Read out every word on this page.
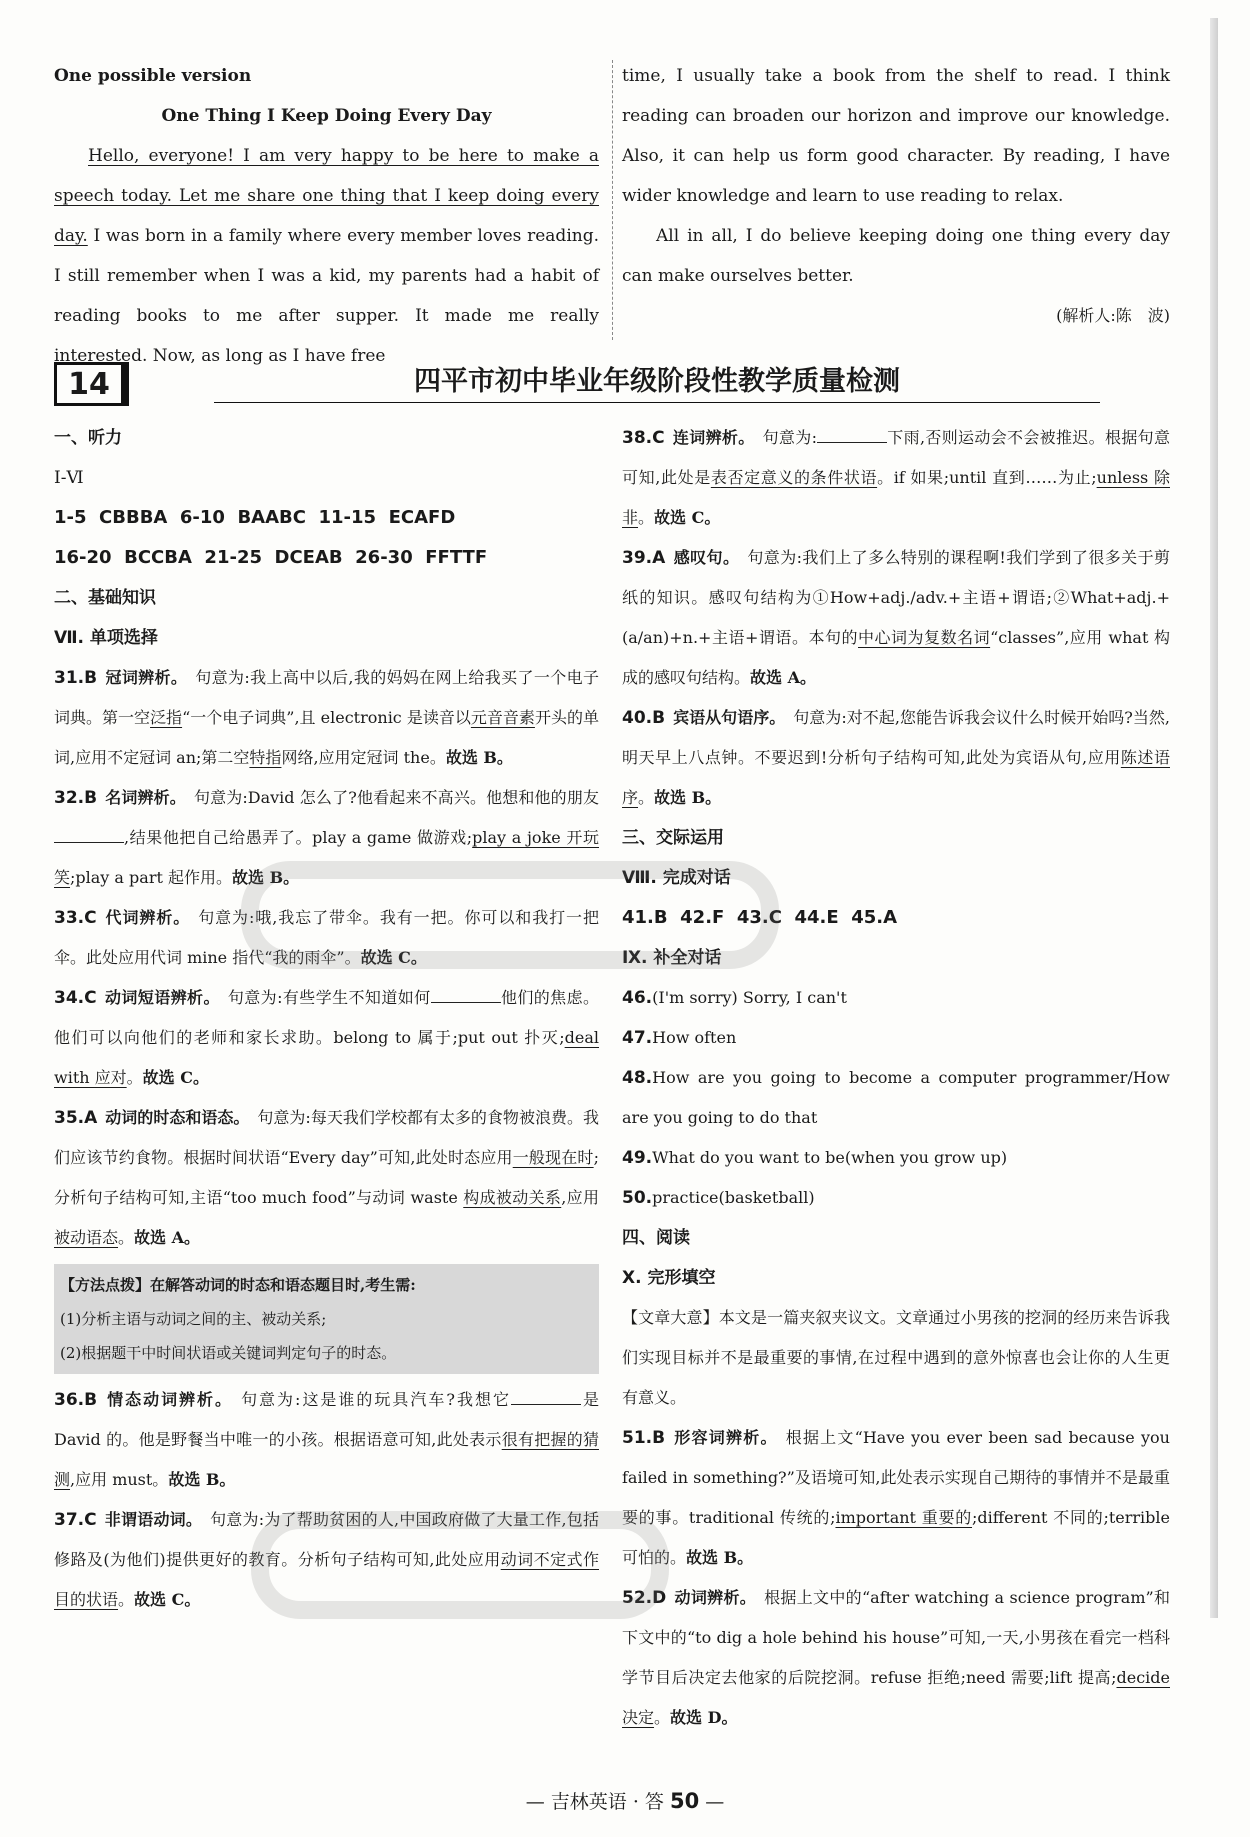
One possible version

One Thing I Keep Doing Every Day

Hello, everyone! I am very happy to be here to make a speech today. Let me share one thing that I keep doing every day. I was born in a family where every member loves reading. I still remember when I was a kid, my parents had a habit of reading books to me after supper. It made me really interested. Now, as long as I have free

time, I usually take a book from the shelf to read. I think reading can broaden our horizon and improve our knowledge. Also, it can help us form good character. By reading, I have wider knowledge and learn to use reading to relax.

All in all, I do believe keeping doing one thing every day can make ourselves better.

(解析人:陈　波)

14	四平市初中毕业年级阶段性教学质量检测

一、听力

Ⅰ-Ⅵ

1-5  CBBBA  6-10  BAABC  11-15  ECAFD

16-20  BCCBA  21-25  DCEAB  26-30  FFTTF

二、基础知识

Ⅶ. 单项选择

31.B 冠词辨析。 句意为:我上高中以后,我的妈妈在网上给我买了一个电子词典。第一空泛指“一个电子词典”,且 electronic 是读音以元音音素开头的单词,应用不定冠词 an;第二空特指网络,应用定冠词 the。故选 B。

32.B 名词辨析。 句意为:David 怎么了?他看起来不高兴。他想和他的朋友,结果他把自己给愚弄了。play a game 做游戏;play a joke 开玩笑;play a part 起作用。故选 B。

33.C 代词辨析。 句意为:哦,我忘了带伞。我有一把。你可以和我打一把伞。此处应用代词 mine 指代“我的雨伞”。故选 C。

34.C 动词短语辨析。 句意为:有些学生不知道如何	他们的焦虑。他们可以向他们的老师和家长求助。belong to 属于;put out 扑灭;deal with 应对。故选 C。

35.A 动词的时态和语态。 句意为:每天我们学校都有太多的食物被浪费。我们应该节约食物。根据时间状语“Every day”可知,此处时态应用一般现在时;分析句子结构可知,主语“too much food”与动词 waste 构成被动关系,应用被动语态。故选 A。

【方法点拨】在解答动词的时态和语态题目时,考生需:
(1)分析主语与动词之间的主、被动关系;
(2)根据题干中时间状语或关键词判定句子的时态。

36.B 情态动词辨析。 句意为:这是谁的玩具汽车?我想它	是 David 的。他是野餐当中唯一的小孩。根据语意可知,此处表示很有把握的猜测,应用 must。故选 B。

37.C 非谓语动词。 句意为:为了帮助贫困的人,中国政府做了大量工作,包括修路及(为他们)提供更好的教育。分析句子结构可知,此处应用动词不定式作目的状语。故选 C。

38.C 连词辨析。 句意为:	下雨,否则运动会不会被推迟。根据句意可知,此处是表否定意义的条件状语。if 如果;until 直到……为止;unless 除非。故选 C。

39.A 感叹句。 句意为:我们上了多么特别的课程啊!我们学到了很多关于剪纸的知识。感叹句结构为①How+adj./adv.+主语+谓语;②What+adj.+(a/an)+n.+主语+谓语。本句的中心词为复数名词“classes”,应用 what 构成的感叹句结构。故选 A。

40.B 宾语从句语序。 句意为:对不起,您能告诉我会议什么时候开始吗?当然,明天早上八点钟。不要迟到!分析句子结构可知,此处为宾语从句,应用陈述语序。故选 B。

三、交际运用

Ⅷ. 完成对话

41.B  42.F  43.C  44.E  45.A

Ⅸ. 补全对话

46.(I'm sorry) Sorry, I can't

47.How often

48.How are you going to become a computer programmer/How are you going to do that

49.What do you want to be(when you grow up)

50.practice(basketball)

四、阅读

Ⅹ. 完形填空

【文章大意】本文是一篇夹叙夹议文。文章通过小男孩的挖洞的经历来告诉我们实现目标并不是最重要的事情,在过程中遇到的意外惊喜也会让你的人生更有意义。

51.B 形容词辨析。 根据上文“Have you ever been sad because you failed in something?”及语境可知,此处表示实现自己期待的事情并不是最重要的事。traditional 传统的;important 重要的;different 不同的;terrible 可怕的。故选 B。

52.D 动词辨析。 根据上文中的“after watching a science program”和下文中的“to dig a hole behind his house”可知,一天,小男孩在看完一档科学节目后决定去他家的后院挖洞。refuse 拒绝;need 需要;lift 提高;decide 决定。故选 D。

— 吉林英语 · 答 50 —
